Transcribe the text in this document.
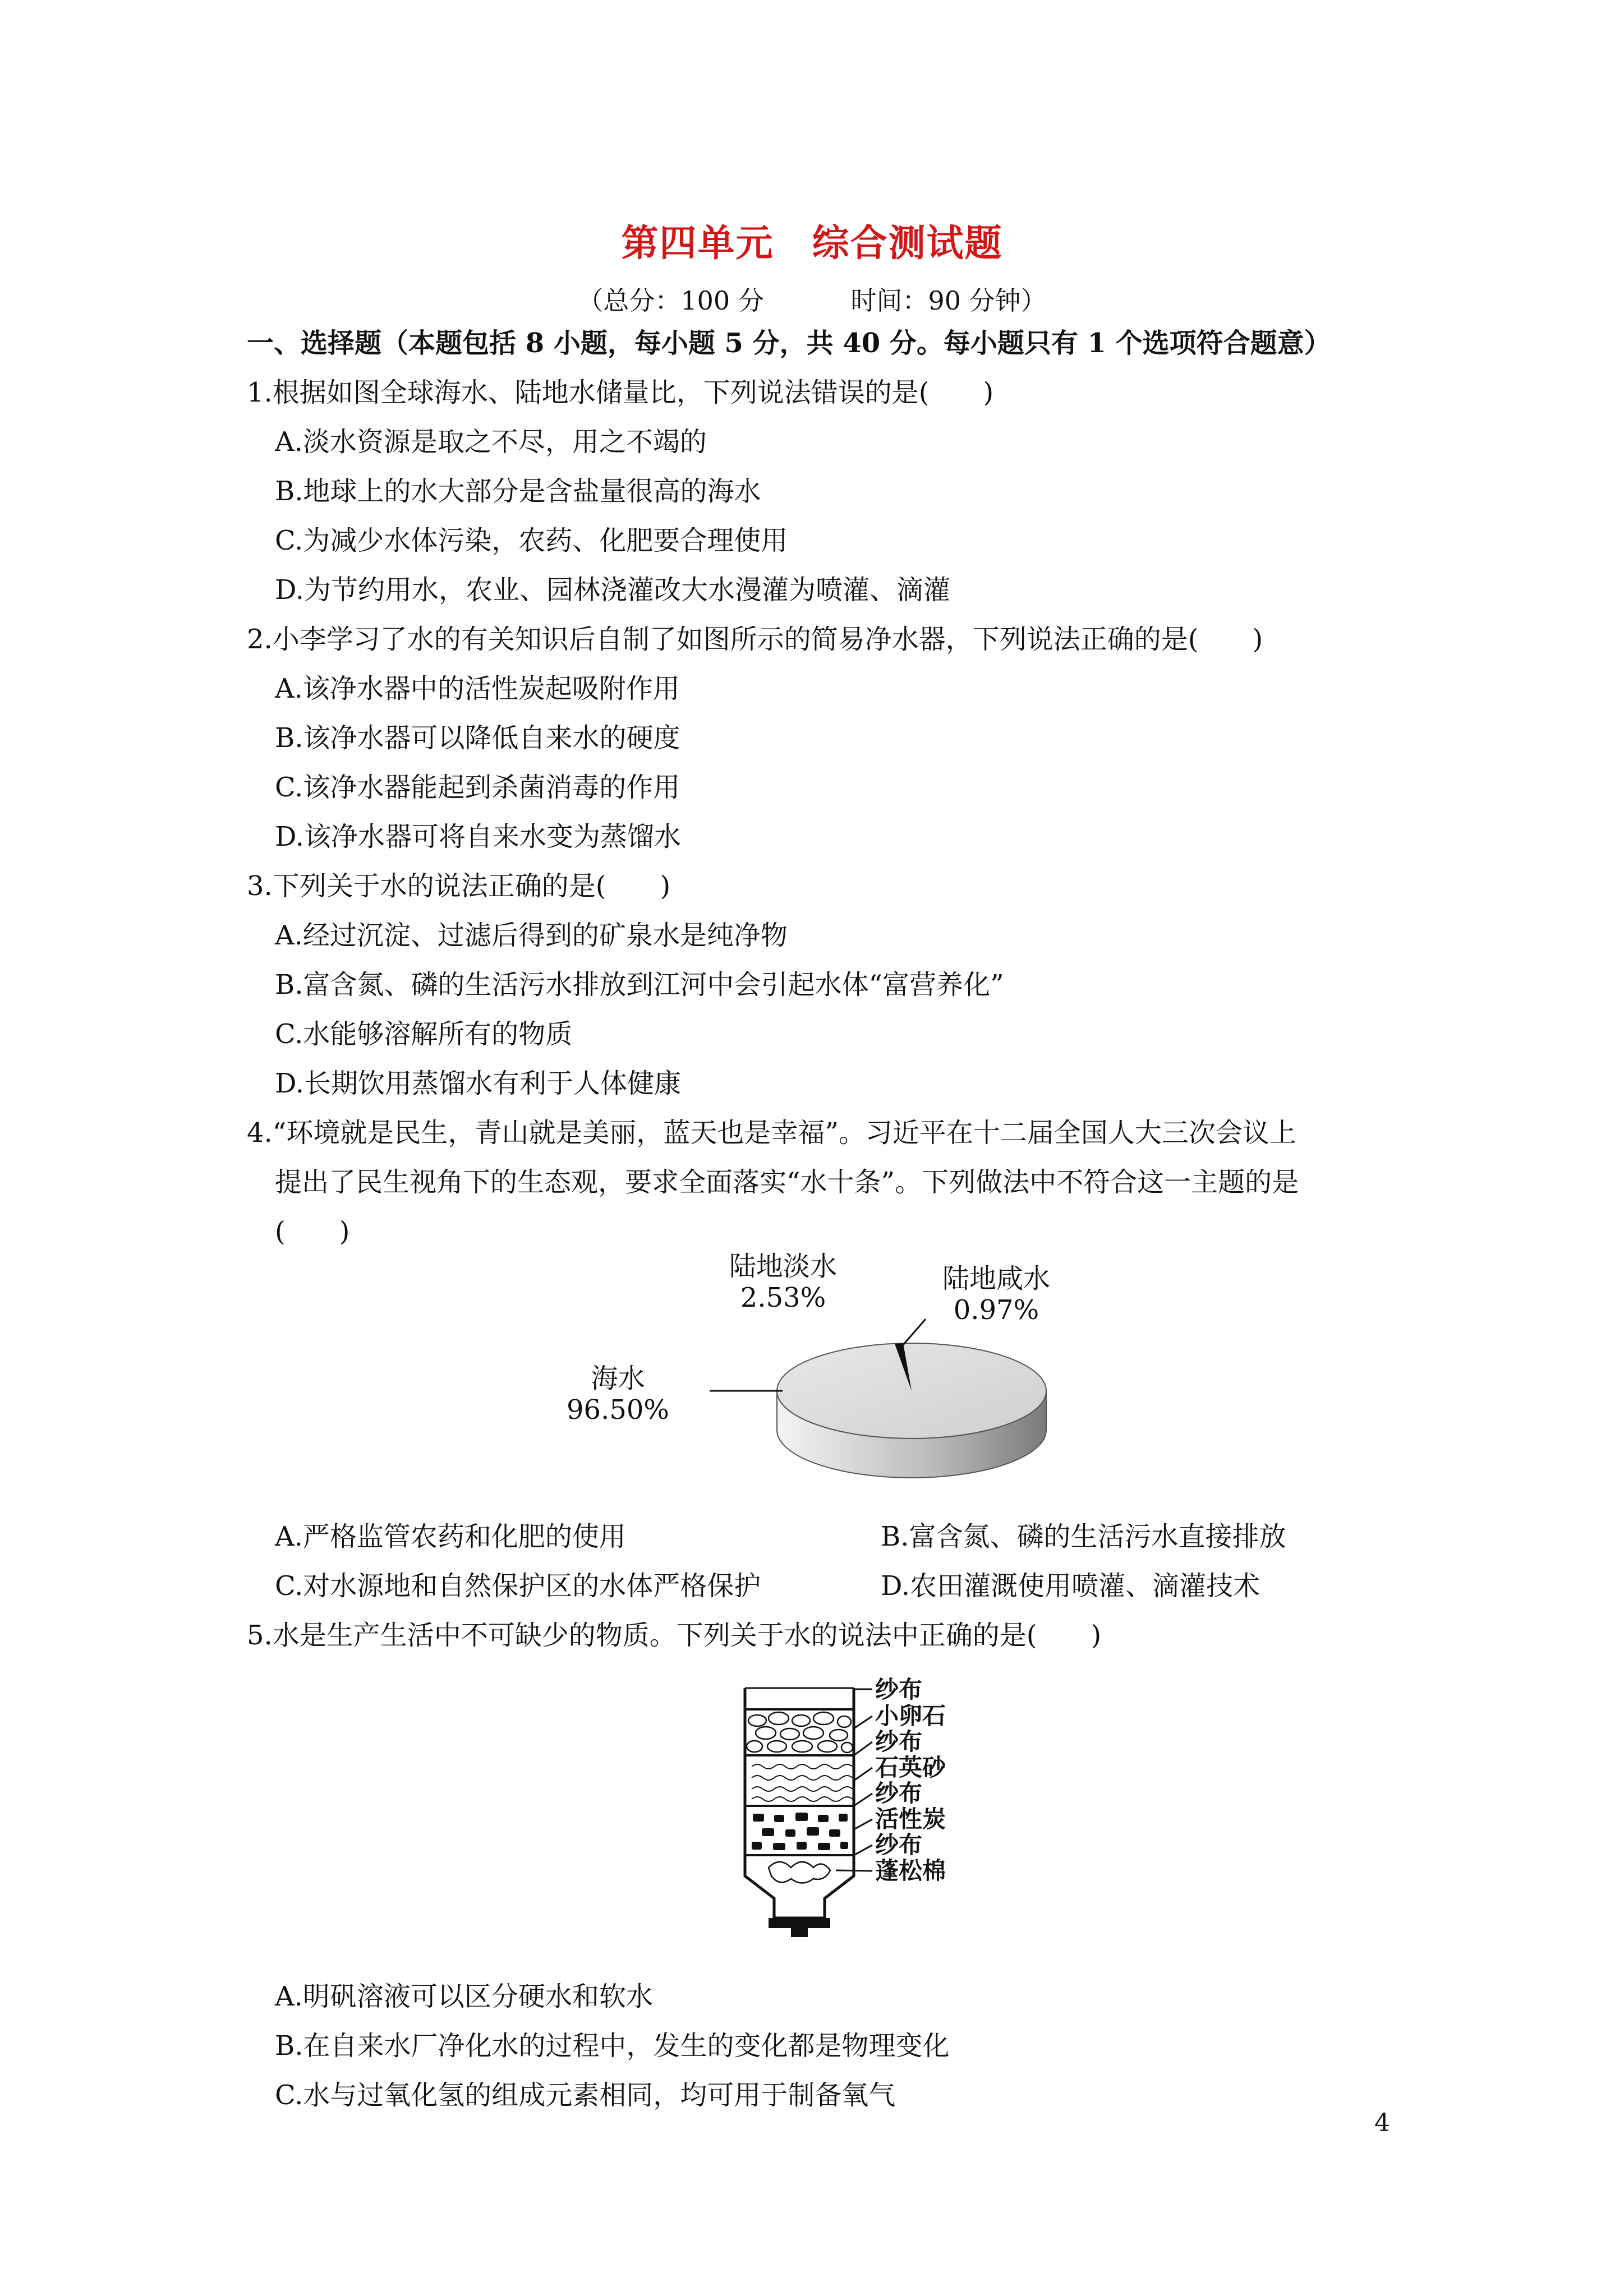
第四单元　综合测试题
（总分：100 分	时间：90 分钟）
一、选择题（本题包括 8 小题，每小题 5 分，共 40 分。每小题只有 1 个选项符合题意）
1.根据如图全球海水、陆地水储量比，下列说法错误的是(　　)
A.淡水资源是取之不尽，用之不竭的
B.地球上的水大部分是含盐量很高的海水
C.为减少水体污染，农药、化肥要合理使用
D.为节约用水，农业、园林浇灌改大水漫灌为喷灌、滴灌
2.小李学习了水的有关知识后自制了如图所示的简易净水器，下列说法正确的是(　　)
A.该净水器中的活性炭起吸附作用
B.该净水器可以降低自来水的硬度
C.该净水器能起到杀菌消毒的作用
D.该净水器可将自来水变为蒸馏水
3.下列关于水的说法正确的是(　　)
A.经过沉淀、过滤后得到的矿泉水是纯净物
B.富含氮、磷的生活污水排放到江河中会引起水体“富营养化”
C.水能够溶解所有的物质
D.长期饮用蒸馏水有利于人体健康
4.“环境就是民生，青山就是美丽，蓝天也是幸福”。习近平在十二届全国人大三次会议上
提出了民生视角下的生态观，要求全面落实“水十条”。下列做法中不符合这一主题的是
(　　)
海水
96.50%
陆地淡水
2.53%
陆地咸水
0.97%
A.严格监管农药和化肥的使用	B.富含氮、磷的生活污水直接排放
C.对水源地和自然保护区的水体严格保护	D.农田灌溉使用喷灌、滴灌技术
5.水是生产生活中不可缺少的物质。下列关于水的说法中正确的是(　　)
纱布
小卵石
纱布
石英砂
纱布
活性炭
纱布
蓬松棉
A.明矾溶液可以区分硬水和软水
B.在自来水厂净化水的过程中，发生的变化都是物理变化
C.水与过氧化氢的组成元素相同，均可用于制备氧气
4
